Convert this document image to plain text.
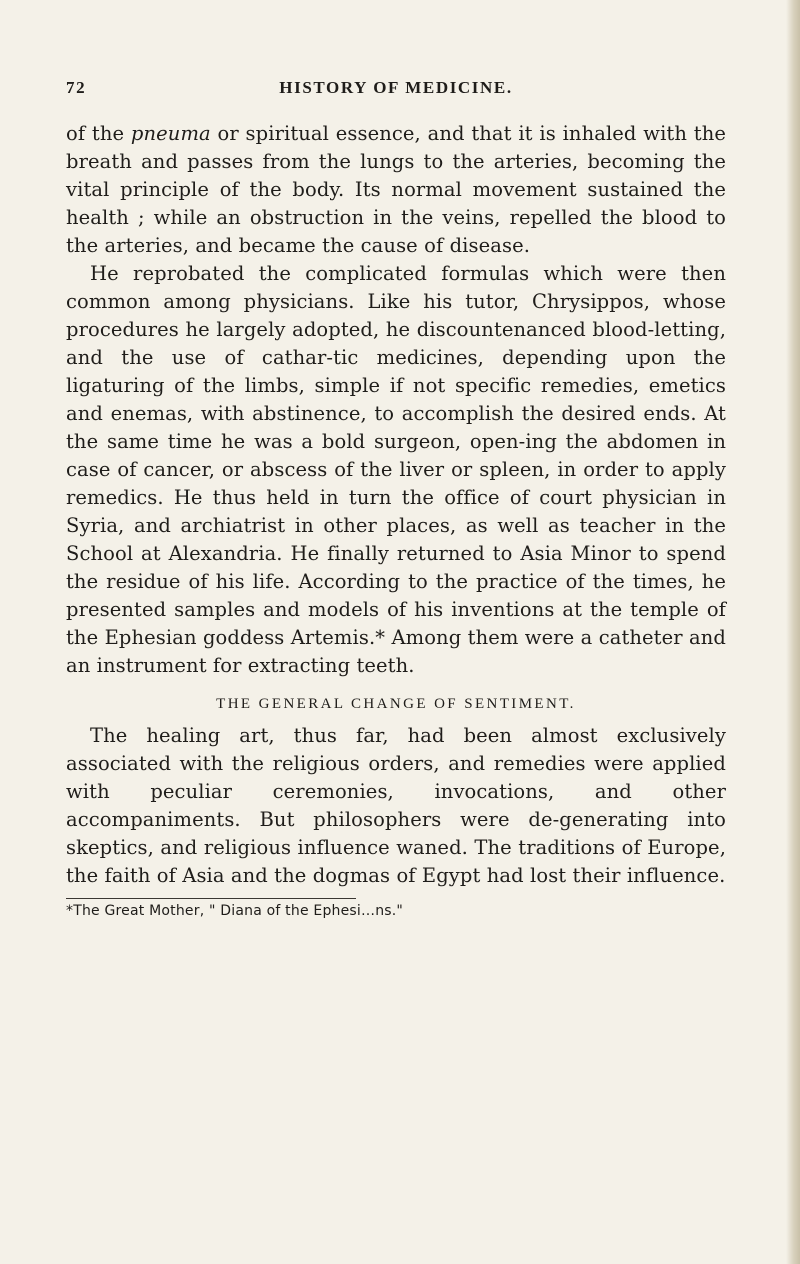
72	HISTORY OF MEDICINE.

of the pneuma or spiritual essence, and that it is inhaled with the breath and passes from the lungs to the arteries, becoming the vital principle of the body. Its normal movement sustained the health ; while an obstruction in the veins, repelled the blood to the arteries, and became the cause of disease.

He reprobated the complicated formulas which were then common among physicians. Like his tutor, Chrysippos, whose procedures he largely adopted, he discountenanced blood-letting, and the use of cathar-tic medicines, depending upon the ligaturing of the limbs, simple if not specific remedies, emetics and enemas, with abstinence, to accomplish the desired ends. At the same time he was a bold surgeon, open-ing the abdomen in case of cancer, or abscess of the liver or spleen, in order to apply remedics. He thus held in turn the office of court physician in Syria, and archiatrist in other places, as well as teacher in the School at Alexandria. He finally returned to Asia Minor to spend the residue of his life. According to the practice of the times, he presented samples and models of his inventions at the temple of the Ephesian goddess Artemis.* Among them were a catheter and an instrument for extracting teeth.

THE GENERAL CHANGE OF SENTIMENT.

The healing art, thus far, had been almost exclusively associated with the religious orders, and remedies were applied with peculiar ceremonies, invocations, and other accompaniments. But philosophers were de-generating into skeptics, and religious influence waned. The traditions of Europe, the faith of Asia and the dogmas of Egypt had lost their influence.

*The Great Mother, " Diana of the Ephesi…ns."
